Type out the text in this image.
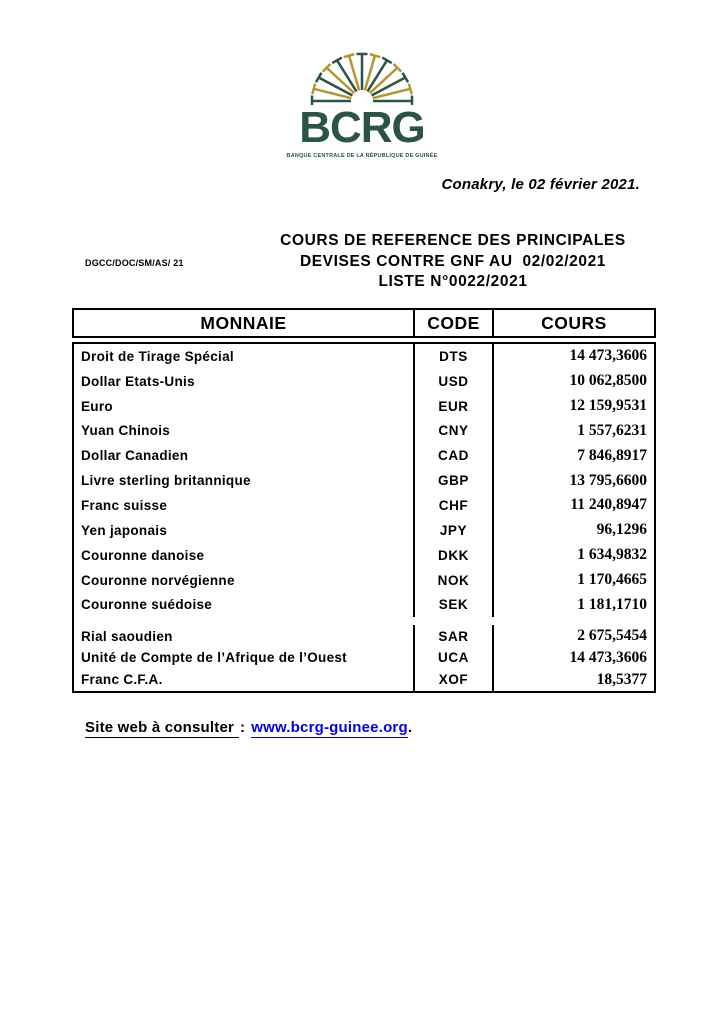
BCRG
BANQUE CENTRALE DE LA RÉPUBLIQUE DE GUINÉE
Conakry, le 02 février 2021.
DGCC/DOC/SM/AS/ 21
COURS DE REFERENCE DES PRINCIPALES
DEVISES CONTRE GNF AU  02/02/2021
LISTE N°0022/2021
MONNAIE	CODE	COURS
Droit de Tirage Spécial	DTS	14 473,3606
Dollar Etats-Unis	USD	10 062,8500
Euro	EUR	12 159,9531
Yuan Chinois	CNY	1 557,6231
Dollar Canadien	CAD	7 846,8917
Livre sterling britannique	GBP	13 795,6600
Franc suisse	CHF	11 240,8947
Yen japonais	JPY	96,1296
Couronne danoise	DKK	1 634,9832
Couronne norvégienne	NOK	1 170,4665
Couronne suédoise	SEK	1 181,1710
Rial saoudien	SAR	2 675,5454
Unité de Compte de l’Afrique de l’Ouest	UCA	14 473,3606
Franc C.F.A.	XOF	18,5377
Site web à consulter : www.bcrg-guinee.org.
